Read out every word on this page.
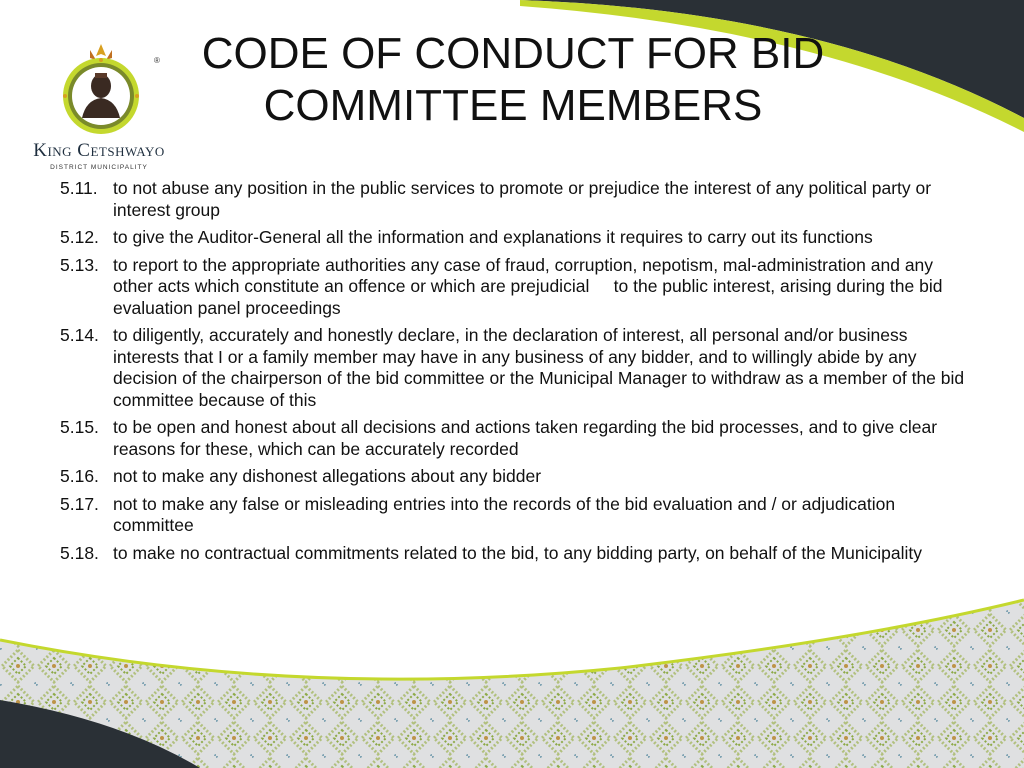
®
King Cetshwayo
DISTRICT MUNICIPALITY
CODE OF CONDUCT FOR BID
COMMITTEE MEMBERS
5.11. to not abuse any position in the public services to promote or prejudice the interest of any political party or interest group
5.12. to give the Auditor-General all the information and explanations it requires to carry out its functions
5.13. to report to the appropriate authorities any case of fraud, corruption, nepotism, mal-administration and any other acts which constitute an offence or which are prejudicial     to the public interest, arising during the bid evaluation panel proceedings
5.14. to diligently, accurately and honestly declare, in the declaration of interest, all personal and/or business interests that I or a family member may have in any business of any bidder, and to willingly abide by any decision of the chairperson of the bid committee or the Municipal Manager to withdraw as a member of the bid committee because of this
5.15. to be open and honest about all decisions and actions taken regarding the bid processes, and to give clear reasons for these, which can be accurately recorded
5.16. not to make any dishonest allegations about any bidder
5.17. not to make any false or misleading entries into the records of the bid evaluation and / or adjudication committee
5.18. to make no contractual commitments related to the bid, to any bidding party, on behalf of the Municipality
